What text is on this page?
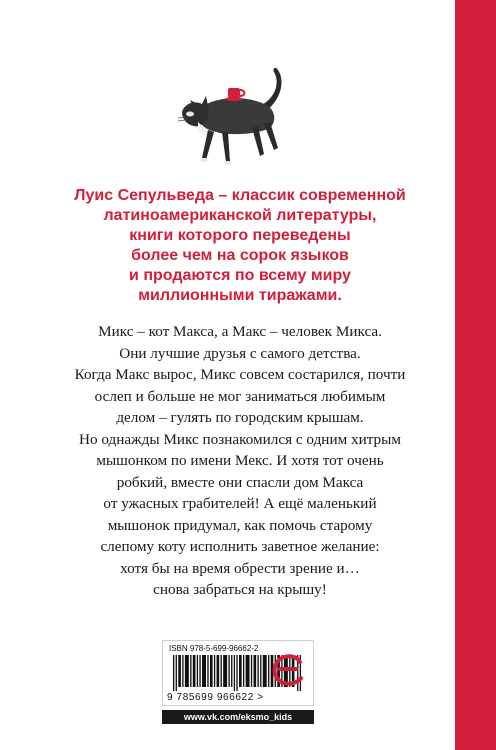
Луис Сепульведа – классик современной
латиноамериканской литературы,
книги которого переведены
более чем на сорок языков
и продаются по всему миру
миллионными тиражами.
Микс – кот Макса, а Макс – человек Микса.
Они лучшие друзья с самого детства.
Когда Макс вырос, Микс совсем состарился, почти
ослеп и больше не мог заниматься любимым
делом – гулять по городским крышам.
Но однажды Микс познакомился с одним хитрым
мышонком по имени Мекс. И хотя тот очень
робкий, вместе они спасли дом Макса
от ужасных грабителей! А ещё маленький
мышонок придумал, как помочь старому
слепому коту исполнить заветное желание:
хотя бы на время обрести зрение и…
снова забраться на крышу!
ISBN 978-5-699-96662-2
9 785699 966622 >
www.vk.com/eksmo_kids
